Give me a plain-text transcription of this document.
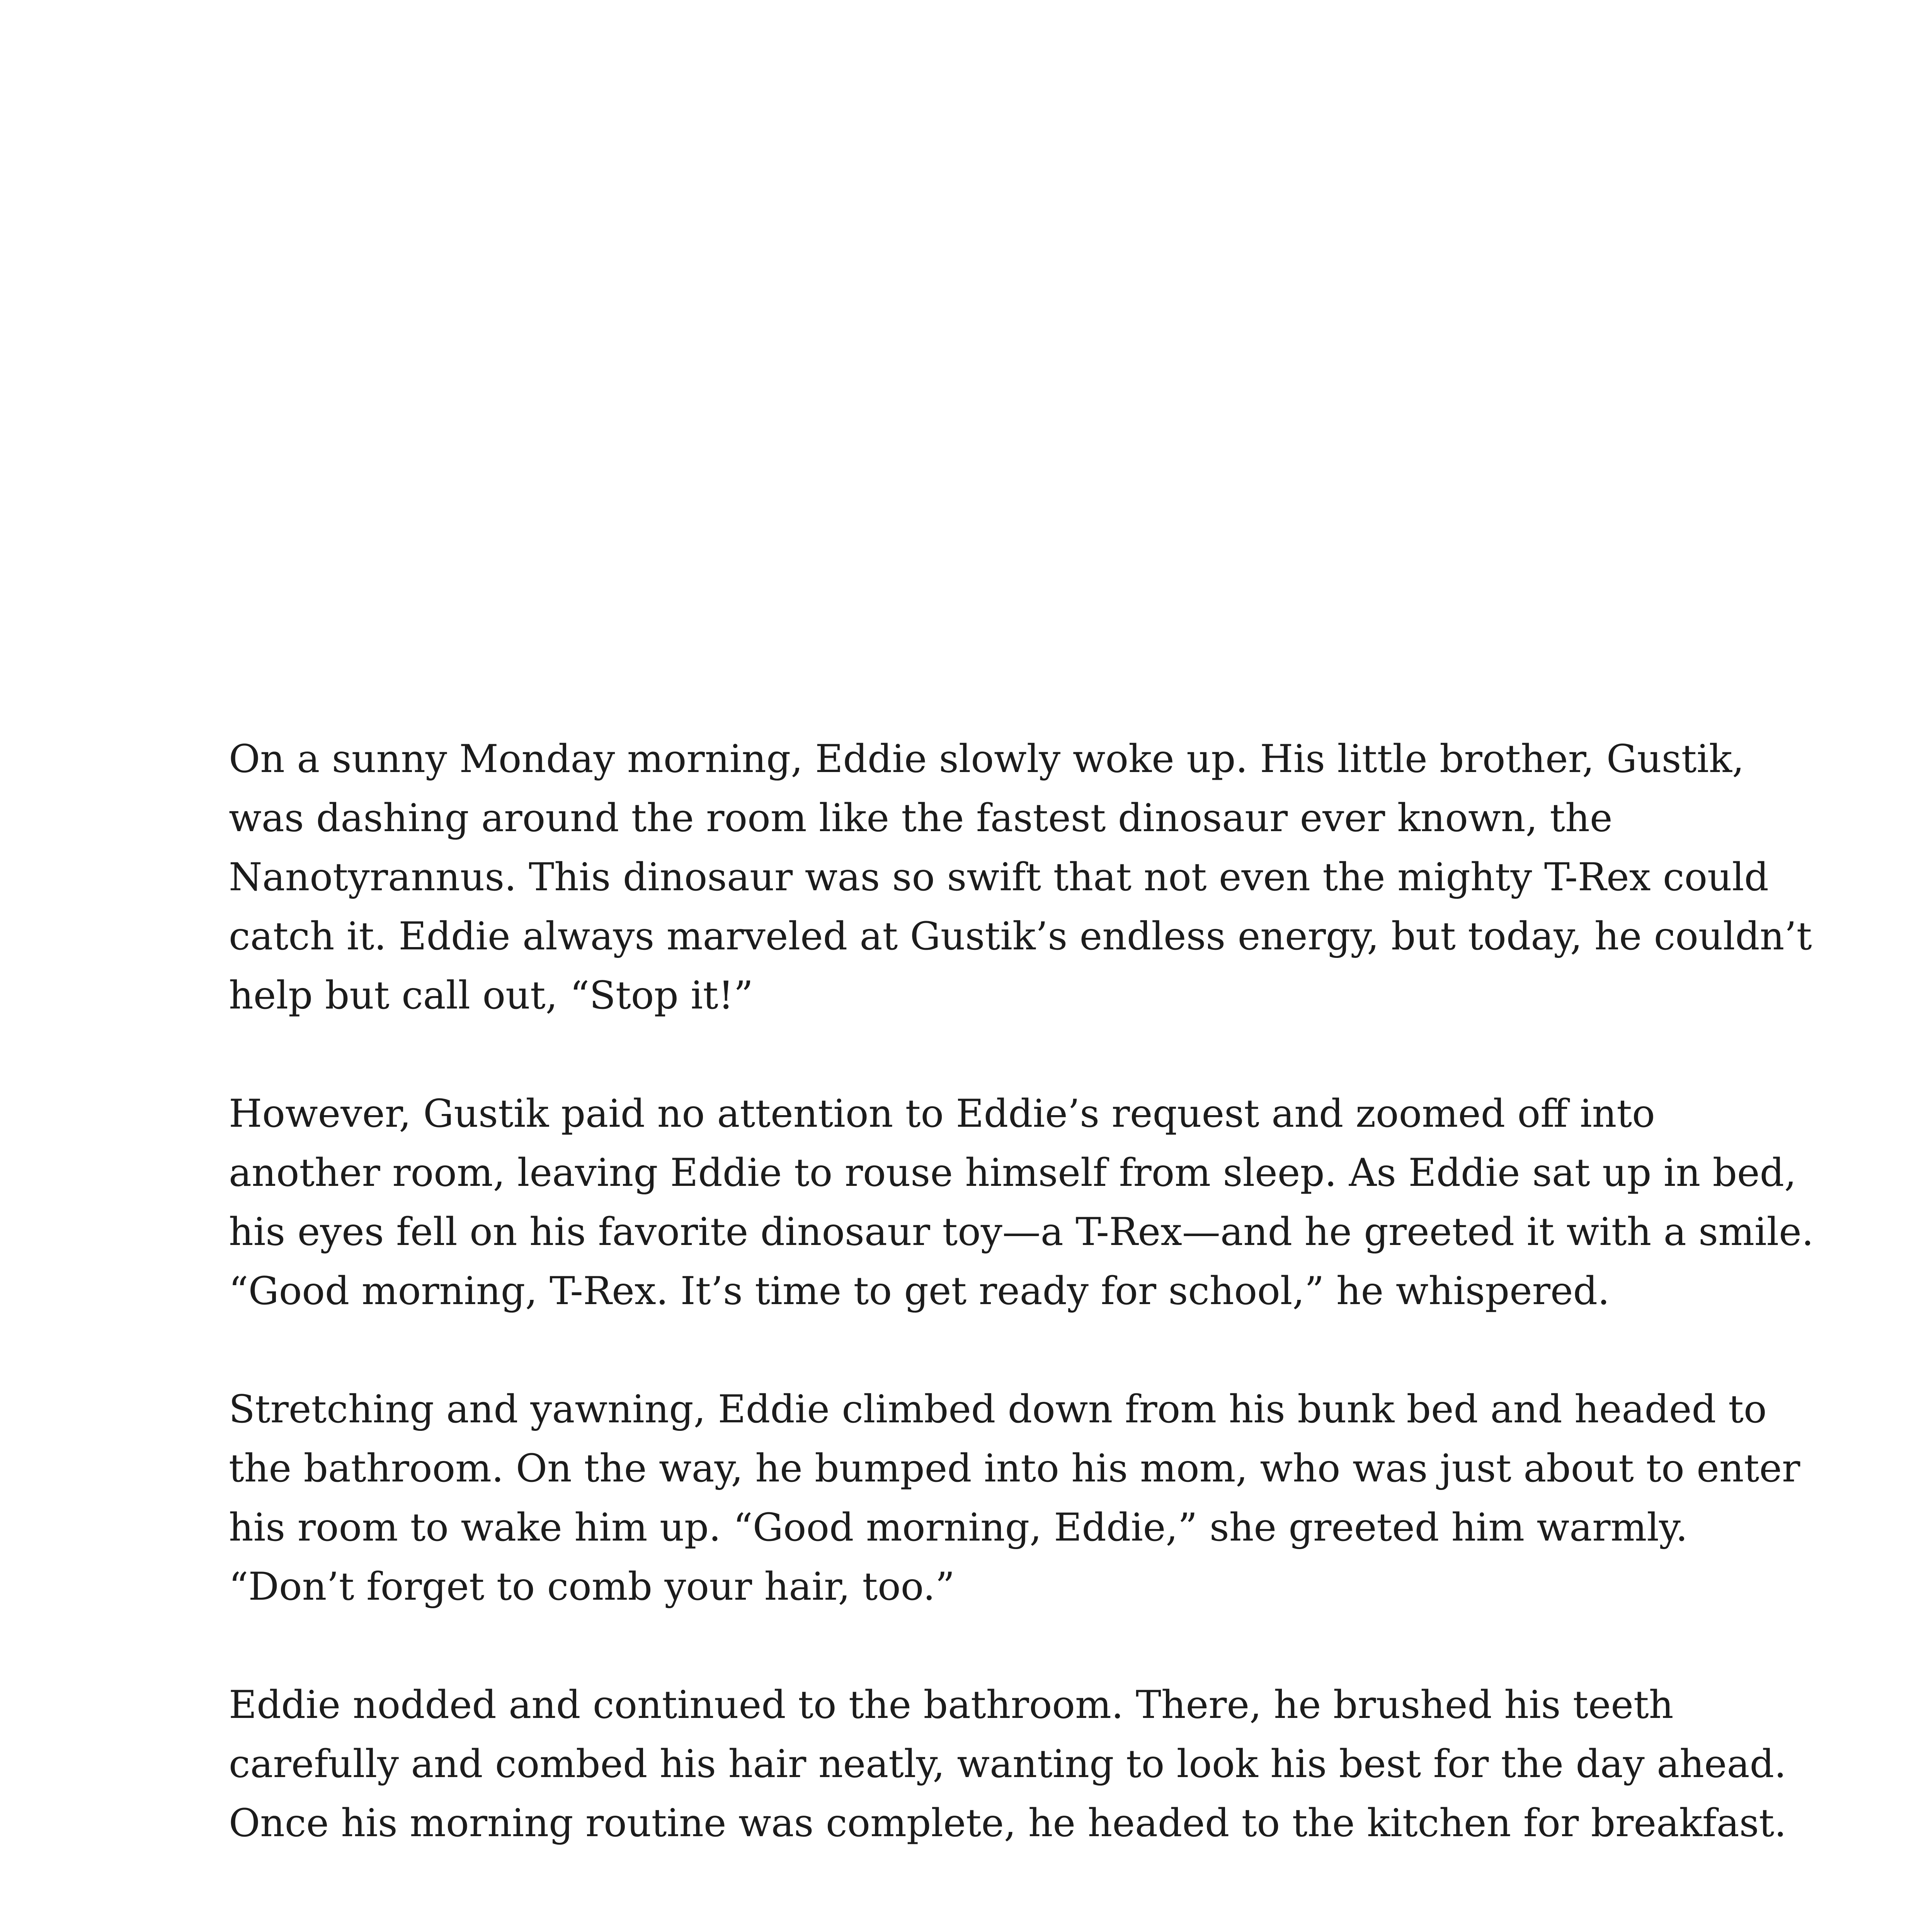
On a sunny Monday morning, Eddie slowly woke up. His little brother, Gustik,
was dashing around the room like the fastest dinosaur ever known, the
Nanotyrannus. This dinosaur was so swift that not even the mighty T-Rex could
catch it. Eddie always marveled at Gustik’s endless energy, but today, he couldn’t
help but call out, “Stop it!”

However, Gustik paid no attention to Eddie’s request and zoomed off into
another room, leaving Eddie to rouse himself from sleep. As Eddie sat up in bed,
his eyes fell on his favorite dinosaur toy—a T-Rex—and he greeted it with a smile.
“Good morning, T-Rex. It’s time to get ready for school,” he whispered.

Stretching and yawning, Eddie climbed down from his bunk bed and headed to
the bathroom. On the way, he bumped into his mom, who was just about to enter
his room to wake him up. “Good morning, Eddie,” she greeted him warmly.
“Don’t forget to comb your hair, too.”

Eddie nodded and continued to the bathroom. There, he brushed his teeth
carefully and combed his hair neatly, wanting to look his best for the day ahead.
Once his morning routine was complete, he headed to the kitchen for breakfast.
